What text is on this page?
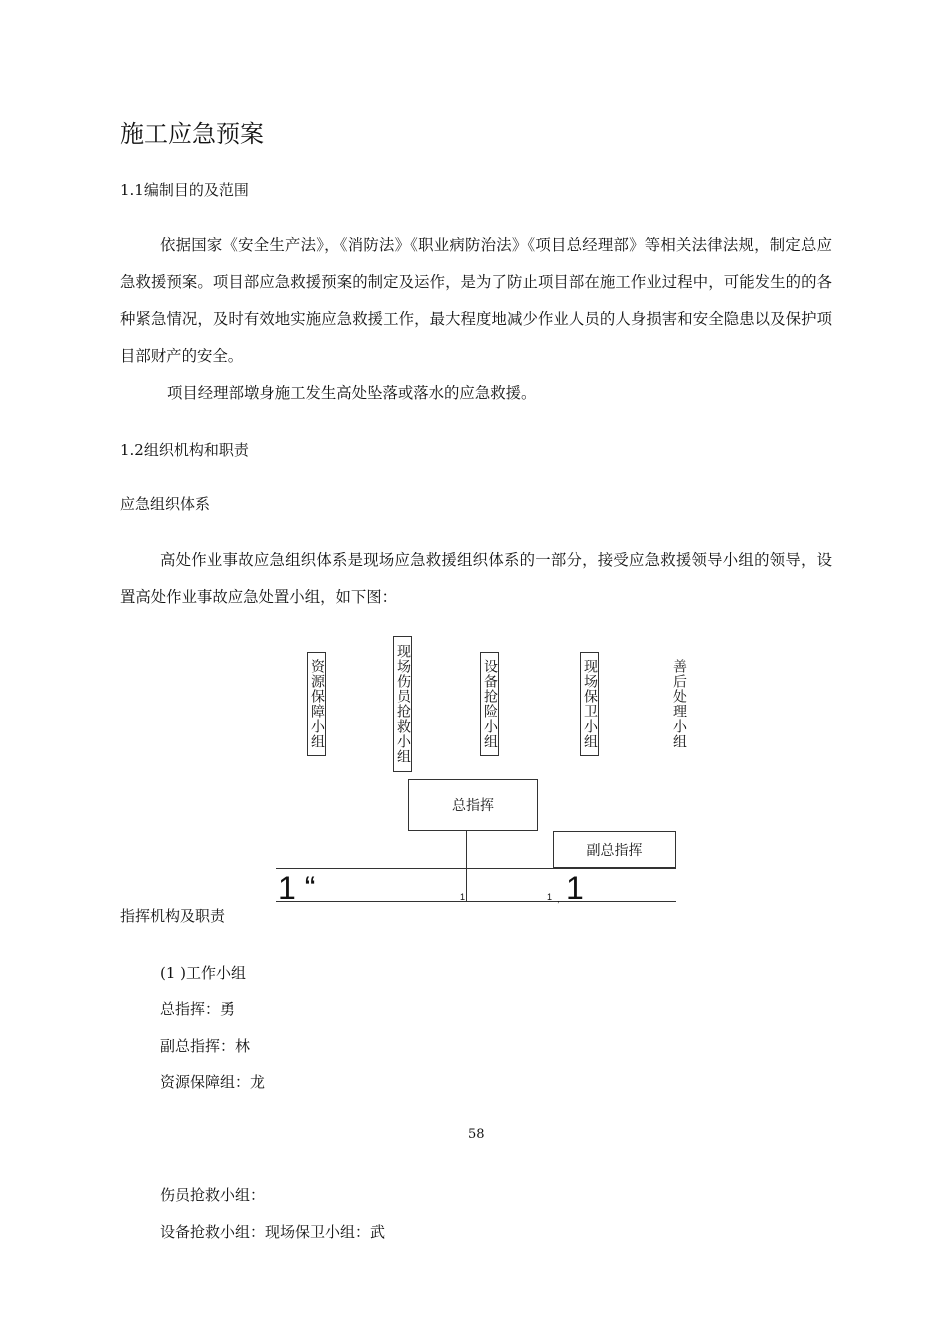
施工应急预案
1.1编制目的及范围

依据国家《安全生产法》，《消防法》《职业病防治法》《项目总经理部》等相关法律法规，制定总应急救援预案。项目部应急救援预案的制定及运作，是为了防止项目部在施工作业过程中，可能发生的的各种紧急情况，及时有效地实施应急救援工作，最大程度地减少作业人员的人身损害和安全隐患以及保护项目部财产的安全。

项目经理部墩身施工发生高处坠落或落水的应急救援。
1.2组织机构和职责
应急组织体系

高处作业事故应急组织体系是现场应急救援组织体系的一部分，接受应急救援领导小组的领导，设置高处作业事故应急处置小组，如下图：

资源保障小组	现场伤员抢救小组	设备抢险小组	现场保卫小组	善后处理小组
总指挥
副总指挥
1 “	1	1 , 1
指挥机构及职责
(1 )工作小组
总指挥：勇
副总指挥：林
资源保障组：龙
58
伤员抢救小组：
设备抢救小组：现场保卫小组：武
